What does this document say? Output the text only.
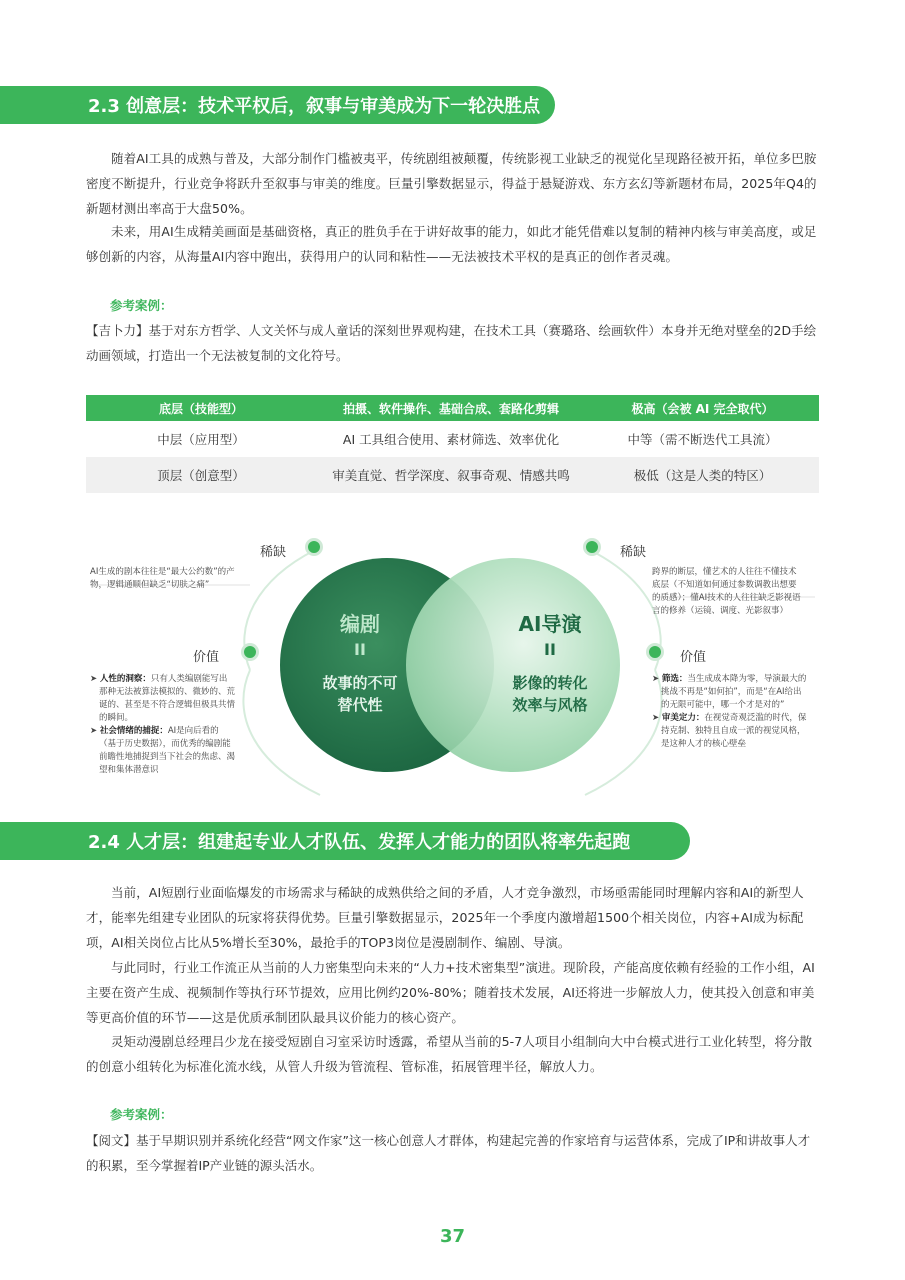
2.3 创意层：技术平权后，叙事与审美成为下一轮决胜点
随着AI工具的成熟与普及，大部分制作门槛被夷平，传统剧组被颠覆，传统影视工业缺乏的视觉化呈现路径被开拓，单位多巴胺密度不断提升，行业竞争将跃升至叙事与审美的维度。巨量引擎数据显示，得益于悬疑游戏、东方玄幻等新题材布局，2025年Q4的新题材测出率高于大盘50%。
未来，用AI生成精美画面是基础资格，真正的胜负手在于讲好故事的能力，如此才能凭借难以复制的精神内核与审美高度，或足够创新的内容，从海量AI内容中跑出，获得用户的认同和粘性——无法被技术平权的是真正的创作者灵魂。
参考案例：
【吉卜力】基于对东方哲学、人文关怀与成人童话的深刻世界观构建，在技术工具（赛璐珞、绘画软件）本身并无绝对壁垒的2D手绘动画领域，打造出一个无法被复制的文化符号。
底层（技能型）	拍摄、软件操作、基础合成、套路化剪辑	极高（会被 AI 完全取代）
中层（应用型）	AI 工具组合使用、素材筛选、效率优化	中等（需不断迭代工具流）
顶层（创意型）	审美直觉、哲学深度、叙事奇观、情感共鸣	极低（这是人类的特区）
编剧
II
故事的不可替代性
AI导演
II
影像的转化效率与风格
稀缺
AI生成的剧本往往是“最大公约数”的产物，逻辑通顺但缺乏“切肤之痛”
价值
➤ 人性的洞察：只有人类编剧能写出那种无法被算法模拟的、微妙的、荒诞的、甚至是不符合逻辑但极具共情的瞬间。
➤ 社会情绪的捕捉：AI是向后看的（基于历史数据），而优秀的编剧能前瞻性地捕捉到当下社会的焦虑、渴望和集体潜意识
稀缺
跨界的断层，懂艺术的人往往不懂技术底层（不知道如何通过参数调教出想要的质感）；懂AI技术的人往往缺乏影视语言的修养（运镜、调度、光影叙事）
价值
➤ 筛选：当生成成本降为零，导演最大的挑战不再是“如何拍”，而是“在AI给出的无限可能中，哪一个才是对的”
➤ 审美定力：在视觉奇观泛滥的时代，保持克制、独特且自成一派的视觉风格，是这种人才的核心壁垒
2.4 人才层：组建起专业人才队伍、发挥人才能力的团队将率先起跑
当前，AI短剧行业面临爆发的市场需求与稀缺的成熟供给之间的矛盾，人才竞争激烈，市场亟需能同时理解内容和AI的新型人才，能率先组建专业团队的玩家将获得优势。巨量引擎数据显示，2025年一个季度内激增超1500个相关岗位，内容+AI成为标配项，AI相关岗位占比从5%增长至30%，最抢手的TOP3岗位是漫剧制作、编剧、导演。
与此同时，行业工作流正从当前的人力密集型向未来的“人力+技术密集型”演进。现阶段，产能高度依赖有经验的工作小组，AI主要在资产生成、视频制作等执行环节提效，应用比例约20%-80%；随着技术发展，AI还将进一步解放人力，使其投入创意和审美等更高价值的环节——这是优质承制团队最具议价能力的核心资产。
灵矩动漫剧总经理吕少龙在接受短剧自习室采访时透露，希望从当前的5-7人项目小组制向大中台模式进行工业化转型，将分散的创意小组转化为标准化流水线，从管人升级为管流程、管标准，拓展管理半径，解放人力。
参考案例：
【阅文】基于早期识别并系统化经营“网文作家”这一核心创意人才群体，构建起完善的作家培育与运营体系，完成了IP和讲故事人才的积累，至今掌握着IP产业链的源头活水。
37
